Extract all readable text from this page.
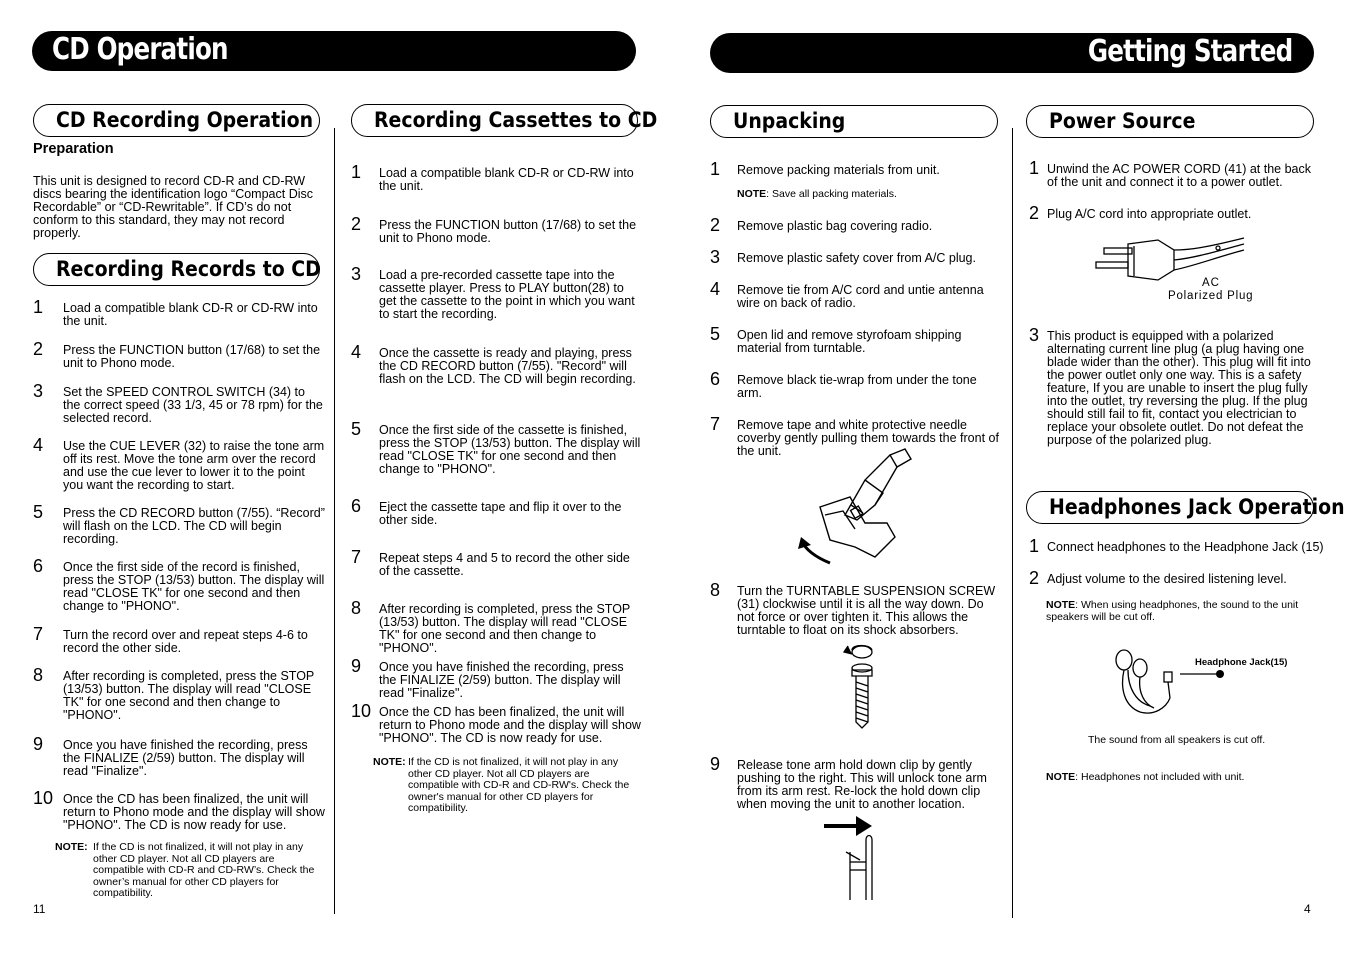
CD Operation	Getting Started
CD Recording Operation
Recording Records to CD
Recording Cassettes to CD	Unpacking	Power Source
Headphones Jack Operation
Preparation
This unit is designed to record CD-R and CD-RW discs bearing the identification logo “Compact Disc Recordable” or “CD-Rewritable”. If CD’s do not conform to this standard, they may not record properly.
1 Load a compatible blank CD-R or CD-RW into the unit.
2 Press the FUNCTION button (17/68) to set the unit to Phono mode.
3 Set the SPEED CONTROL SWITCH (34) to the correct speed (33 1/3, 45 or 78 rpm) for the selected record.
4 Use the CUE LEVER (32) to raise the tone arm off its rest. Move the tone arm over the record and use the cue lever to lower it to the point you want the recording to start.
5 Press the CD RECORD button (7/55). “Record” will flash on the LCD. The CD will begin recording.
6 Once the first side of the record is finished, press the STOP (13/53) button. The display will read "CLOSE TK" for one second and then change to "PHONO".
7 Turn the record over and repeat steps 4-6 to record the other side.
8 After recording is completed, press the STOP (13/53) button. The display will read "CLOSE TK" for one second and then change to "PHONO".
9 Once you have finished the recording, press the FINALIZE (2/59) button. The display will read "Finalize".
10 Once the CD has been finalized, the unit will return to Phono mode and the display will show "PHONO". The CD is now ready for use.
NOTE: If the CD is not finalized, it will not play in any other CD player. Not all CD players are compatible with CD-R and CD-RW’s. Check the owner’s manual for other CD players for compatibility.
11
1 Load a compatible blank CD-R or CD-RW into the unit.
2 Press the FUNCTION button (17/68) to set the unit to Phono mode.
3 Load a pre-recorded cassette tape into the cassette player. Press to PLAY button(28) to get the cassette to the point in which you want to start the recording.
4 Once the cassette is ready and playing, press the CD RECORD button (7/55). "Record" will flash on the LCD. The CD will begin recording.
5 Once the first side of the cassette is finished, press the STOP (13/53) button. The display will read "CLOSE TK" for one second and then change to "PHONO".
6 Eject the cassette tape and flip it over to the other side.
7 Repeat steps 4 and 5 to record the other side of the cassette.
8 After recording is completed, press the STOP (13/53) button. The display will read "CLOSE TK" for one second and then change to "PHONO".
9 Once you have finished the recording, press the FINALIZE (2/59) button. The display will read "Finalize".
10 Once the CD has been finalized, the unit will return to Phono mode and the display will show "PHONO". The CD is now ready for use.
NOTE: If the CD is not finalized, it will not play in any other CD player. Not all CD players are compatible with CD-R and CD-RW's. Check the owner's manual for other CD players for compatibility.
1 Remove packing materials from unit.
2 Remove plastic bag covering radio.
3 Remove plastic safety cover from A/C plug.
4 Remove tie from A/C cord and untie antenna wire on back of radio.
5 Open lid and remove styrofoam shipping material from turntable.
6 Remove black tie-wrap from under the tone arm.
7 Remove tape and white protective needle coverby gently pulling them towards the front of the unit.
8 Turn the TURNTABLE SUSPENSION SCREW (31) clockwise until it is all the way down. Do not force or over tighten it. This allows the turntable to float on its shock absorbers.
9 Release tone arm hold down clip by gently pushing to the right. This will unlock tone arm from its arm rest. Re-lock the hold down clip when moving the unit to another location.
NOTE: Save all packing materials.
1 Unwind the AC POWER CORD (41) at the back of the unit and connect it to a power outlet.
2 Plug A/C cord into appropriate outlet.
3 This product is equipped with a polarized alternating current line plug (a plug having one blade wider than the other). This plug will fit into the power outlet only one way. This is a safety feature, If you are unable to insert the plug fully into the outlet, try reversing the plug. If the plug should still fail to fit, contact you electrician to replace your obsolete outlet. Do not defeat the purpose of the polarized plug.
AC
Polarized Plug
1 Connect headphones to the Headphone Jack (15)
2 Adjust volume to the desired listening level.
NOTE: When using headphones, the sound to the unit speakers will be cut off.
Headphone Jack(15)
The sound from all speakers is cut off.
NOTE: Headphones not included with unit.
4
